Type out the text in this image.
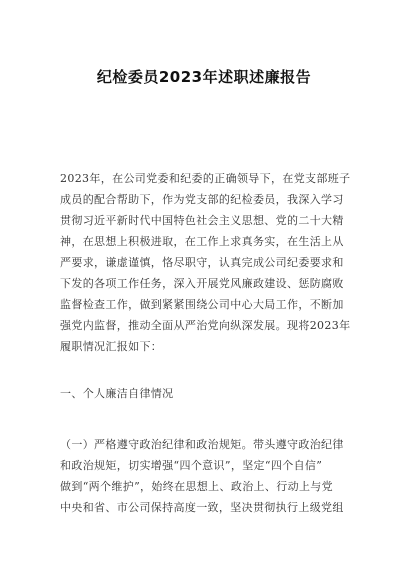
纪检委员2023年述职述廉报告
2023年，在公司党委和纪委的正确领导下，在党支部班子
成员的配合帮助下，作为党支部的纪检委员，我深入学习
贯彻习近平新时代中国特色社会主义思想、党的二十大精
神，在思想上积极进取，在工作上求真务实，在生活上从
严要求，谦虚谨慎，恪尽职守，认真完成公司纪委要求和
下发的各项工作任务，深入开展党风廉政建设、惩防腐败
监督检查工作，做到紧紧围绕公司中心大局工作，不断加
强党内监督，推动全面从严治党向纵深发展。现将2023年
履职情况汇报如下：
一、个人廉洁自律情况
（一）严格遵守政治纪律和政治规矩。带头遵守政治纪律
和政治规矩，切实增强“四个意识”，坚定“四个自信”
做到“两个维护”，始终在思想上、政治上、行动上与党
中央和省、市公司保持高度一致，坚决贯彻执行上级党组
